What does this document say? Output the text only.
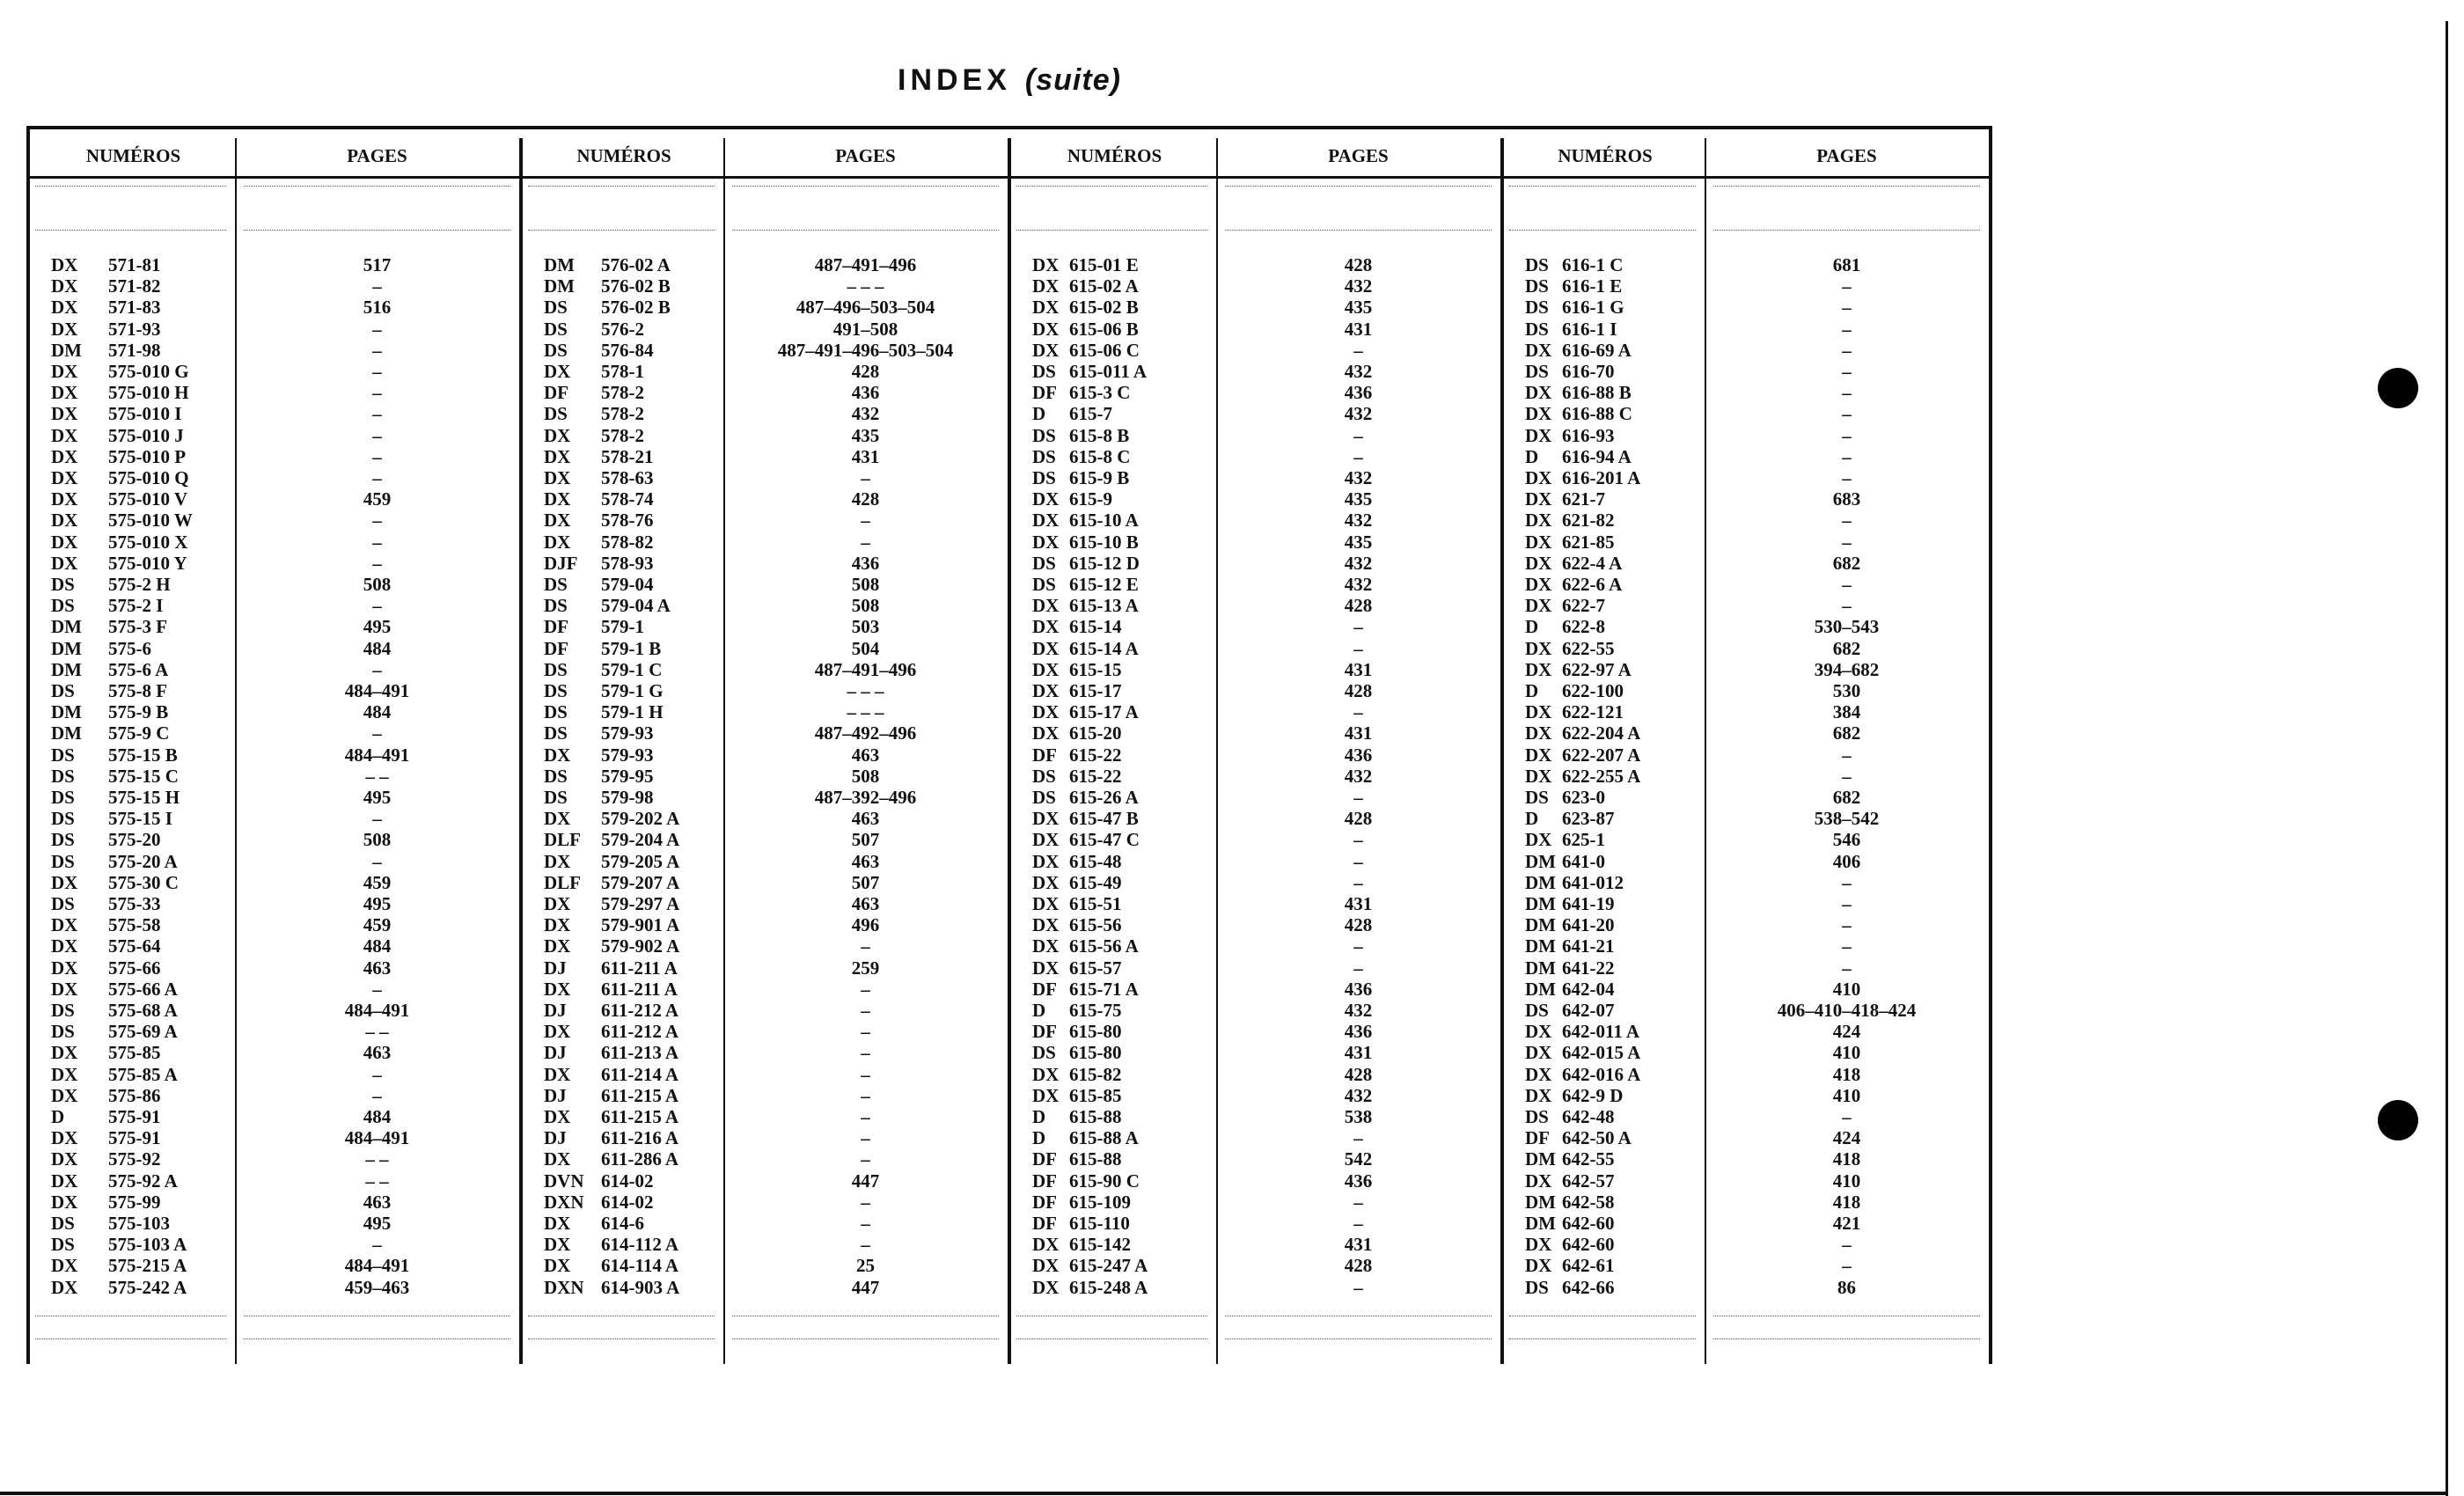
INDEX (suite)
NUMÉROS	PAGES
DX 571-81	517
DX 571-82	–
DX 571-83	516
DX 571-93	–
DM 571-98	–
DX 575-010 G	–
DX 575-010 H	–
DX 575-010 I	–
DX 575-010 J	–
DX 575-010 P	–
DX 575-010 Q	–
DX 575-010 V	459
DX 575-010 W	–
DX 575-010 X	–
DX 575-010 Y	–
DS 575-2 H	508
DS 575-2 I	–
DM 575-3 F	495
DM 575-6	484
DM 575-6 A	–
DS 575-8 F	484–491
DM 575-9 B	484
DM 575-9 C	–
DS 575-15 B	484–491
DS 575-15 C	– –
DS 575-15 H	495
DS 575-15 I	–
DS 575-20	508
DS 575-20 A	–
DX 575-30 C	459
DS 575-33	495
DX 575-58	459
DX 575-64	484
DX 575-66	463
DX 575-66 A	–
DS 575-68 A	484–491
DS 575-69 A	– –
DX 575-85	463
DX 575-85 A	–
DX 575-86	–
D 575-91	484
DX 575-91	484–491
DX 575-92	– –
DX 575-92 A	– –
DX 575-99	463
DS 575-103	495
DS 575-103 A	–
DX 575-215 A	484–491
DX 575-242 A	459–463
NUMÉROS	PAGES
DM 576-02 A	487–491–496
DM 576-02 B	– – –
DS 576-02 B	487–496–503–504
DS 576-2	491–508
DS 576-84	487–491–496–503–504
DX 578-1	428
DF 578-2	436
DS 578-2	432
DX 578-2	435
DX 578-21	431
DX 578-63	–
DX 578-74	428
DX 578-76	–
DX 578-82	–
DJF 578-93	436
DS 579-04	508
DS 579-04 A	508
DF 579-1	503
DF 579-1 B	504
DS 579-1 C	487–491–496
DS 579-1 G	– – –
DS 579-1 H	– – –
DS 579-93	487–492–496
DX 579-93	463
DS 579-95	508
DS 579-98	487–392–496
DX 579-202 A	463
DLF 579-204 A	507
DX 579-205 A	463
DLF 579-207 A	507
DX 579-297 A	463
DX 579-901 A	496
DX 579-902 A	–
DJ 611-211 A	259
DX 611-211 A	–
DJ 611-212 A	–
DX 611-212 A	–
DJ 611-213 A	–
DX 611-214 A	–
DJ 611-215 A	–
DX 611-215 A	–
DJ 611-216 A	–
DX 611-286 A	–
DVN 614-02	447
DXN 614-02	–
DX 614-6	–
DX 614-112 A	–
DX 614-114 A	25
DXN 614-903 A	447
NUMÉROS	PAGES
DX 615-01 E	428
DX 615-02 A	432
DX 615-02 B	435
DX 615-06 B	431
DX 615-06 C	–
DS 615-011 A	432
DF 615-3 C	436
D 615-7	432
DS 615-8 B	–
DS 615-8 C	–
DS 615-9 B	432
DX 615-9	435
DX 615-10 A	432
DX 615-10 B	435
DS 615-12 D	432
DS 615-12 E	432
DX 615-13 A	428
DX 615-14	–
DX 615-14 A	–
DX 615-15	431
DX 615-17	428
DX 615-17 A	–
DX 615-20	431
DF 615-22	436
DS 615-22	432
DS 615-26 A	–
DX 615-47 B	428
DX 615-47 C	–
DX 615-48	–
DX 615-49	–
DX 615-51	431
DX 615-56	428
DX 615-56 A	–
DX 615-57	–
DF 615-71 A	436
D 615-75	432
DF 615-80	436
DS 615-80	431
DX 615-82	428
DX 615-85	432
D 615-88	538
D 615-88 A	–
DF 615-88	542
DF 615-90 C	436
DF 615-109	–
DF 615-110	–
DX 615-142	431
DX 615-247 A	428
DX 615-248 A	–
NUMÉROS	PAGES
DS 616-1 C	681
DS 616-1 E	–
DS 616-1 G	–
DS 616-1 I	–
DX 616-69 A	–
DS 616-70	–
DX 616-88 B	–
DX 616-88 C	–
DX 616-93	–
D 616-94 A	–
DX 616-201 A	–
DX 621-7	683
DX 621-82	–
DX 621-85	–
DX 622-4 A	682
DX 622-6 A	–
DX 622-7	–
D 622-8	530–543
DX 622-55	682
DX 622-97 A	394–682
D 622-100	530
DX 622-121	384
DX 622-204 A	682
DX 622-207 A	–
DX 622-255 A	–
DS 623-0	682
D 623-87	538–542
DX 625-1	546
DM 641-0	406
DM 641-012	–
DM 641-19	–
DM 641-20	–
DM 641-21	–
DM 641-22	–
DM 642-04	410
DS 642-07	406–410–418–424
DX 642-011 A	424
DX 642-015 A	410
DX 642-016 A	418
DX 642-9 D	410
DS 642-48	–
DF 642-50 A	424
DM 642-55	418
DX 642-57	410
DM 642-58	418
DM 642-60	421
DX 642-60	–
DX 642-61	–
DS 642-66	86
